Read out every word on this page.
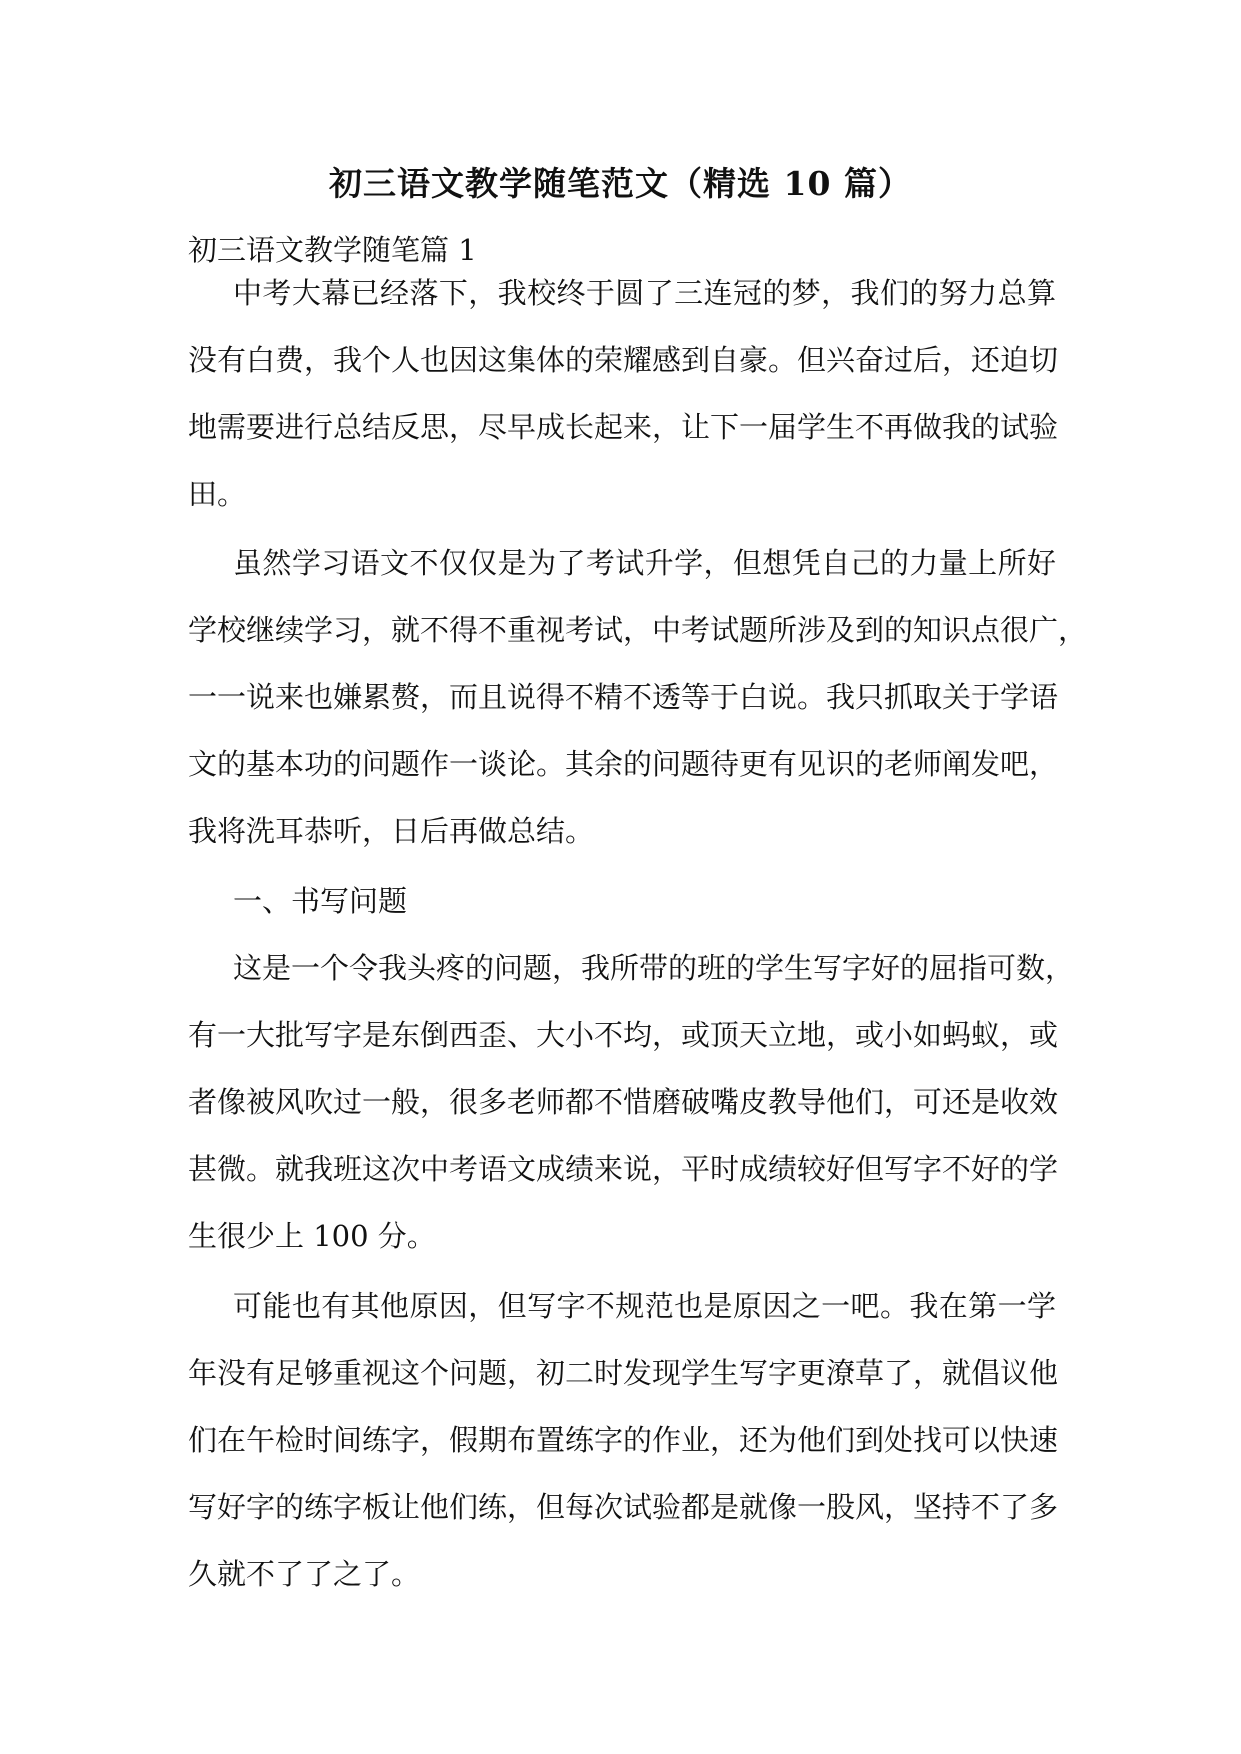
初三语文教学随笔范文（精选 10 篇）

初三语文教学随笔篇 1

中考大幕已经落下，我校终于圆了三连冠的梦，我们的努力总算
没有白费，我个人也因这集体的荣耀感到自豪。但兴奋过后，还迫切
地需要进行总结反思，尽早成长起来，让下一届学生不再做我的试验
田。
虽然学习语文不仅仅是为了考试升学，但想凭自己的力量上所好
学校继续学习，就不得不重视考试，中考试题所涉及到的知识点很广，
一一说来也嫌累赘，而且说得不精不透等于白说。我只抓取关于学语
文的基本功的问题作一谈论。其余的问题待更有见识的老师阐发吧，
我将洗耳恭听，日后再做总结。
一、书写问题
这是一个令我头疼的问题，我所带的班的学生写字好的屈指可数，
有一大批写字是东倒西歪、大小不均，或顶天立地，或小如蚂蚁，或
者像被风吹过一般，很多老师都不惜磨破嘴皮教导他们，可还是收效
甚微。就我班这次中考语文成绩来说，平时成绩较好但写字不好的学
生很少上 100 分。
可能也有其他原因，但写字不规范也是原因之一吧。我在第一学
年没有足够重视这个问题，初二时发现学生写字更潦草了，就倡议他
们在午检时间练字，假期布置练字的作业，还为他们到处找可以快速
写好字的练字板让他们练，但每次试验都是就像一股风，坚持不了多
久就不了了之了。
